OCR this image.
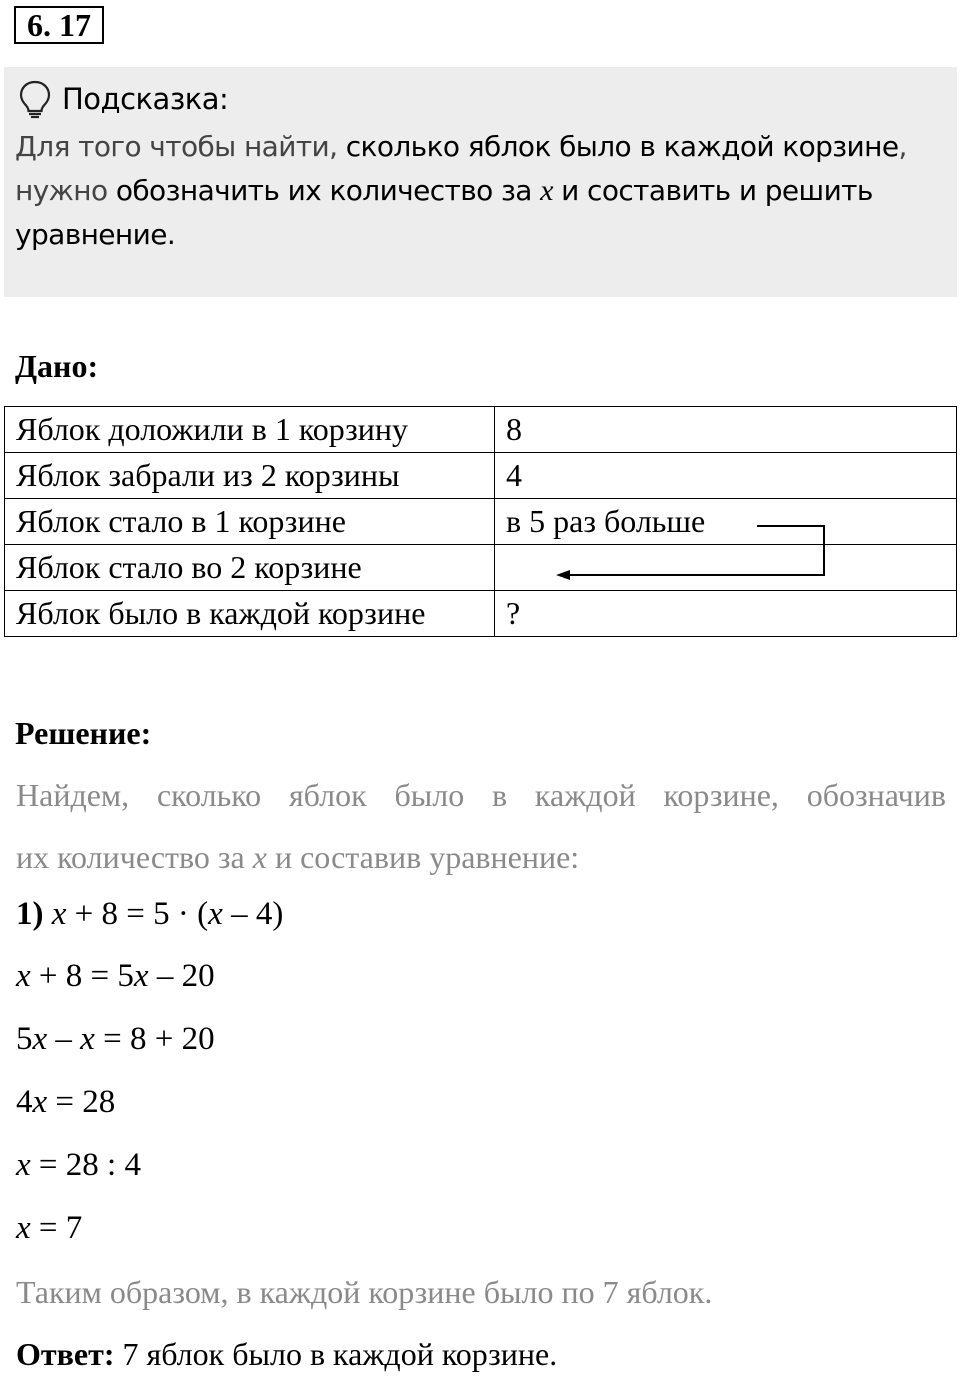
6. 17
Подсказка:
Для того чтобы найти, сколько яблок было в каждой корзине,
нужно обозначить их количество за x и составить и решить
уравнение.
Дано:
Яблок доложили в 1 корзину	8
Яблок забрали из 2 корзины	4
Яблок стало в 1 корзине	в 5 раз больше
Яблок стало во 2 корзине	
Яблок было в каждой корзине	?
Решение:
Найдем, сколько яблок было в каждой корзине, обозначив
их количество за x и составив уравнение:
1) x + 8 = 5 · (x – 4)
x + 8 = 5x – 20
5x – x = 8 + 20
4x = 28
x = 28 : 4
x = 7
Таким образом, в каждой корзине было по 7 яблок.
Ответ: 7 яблок было в каждой корзине.
